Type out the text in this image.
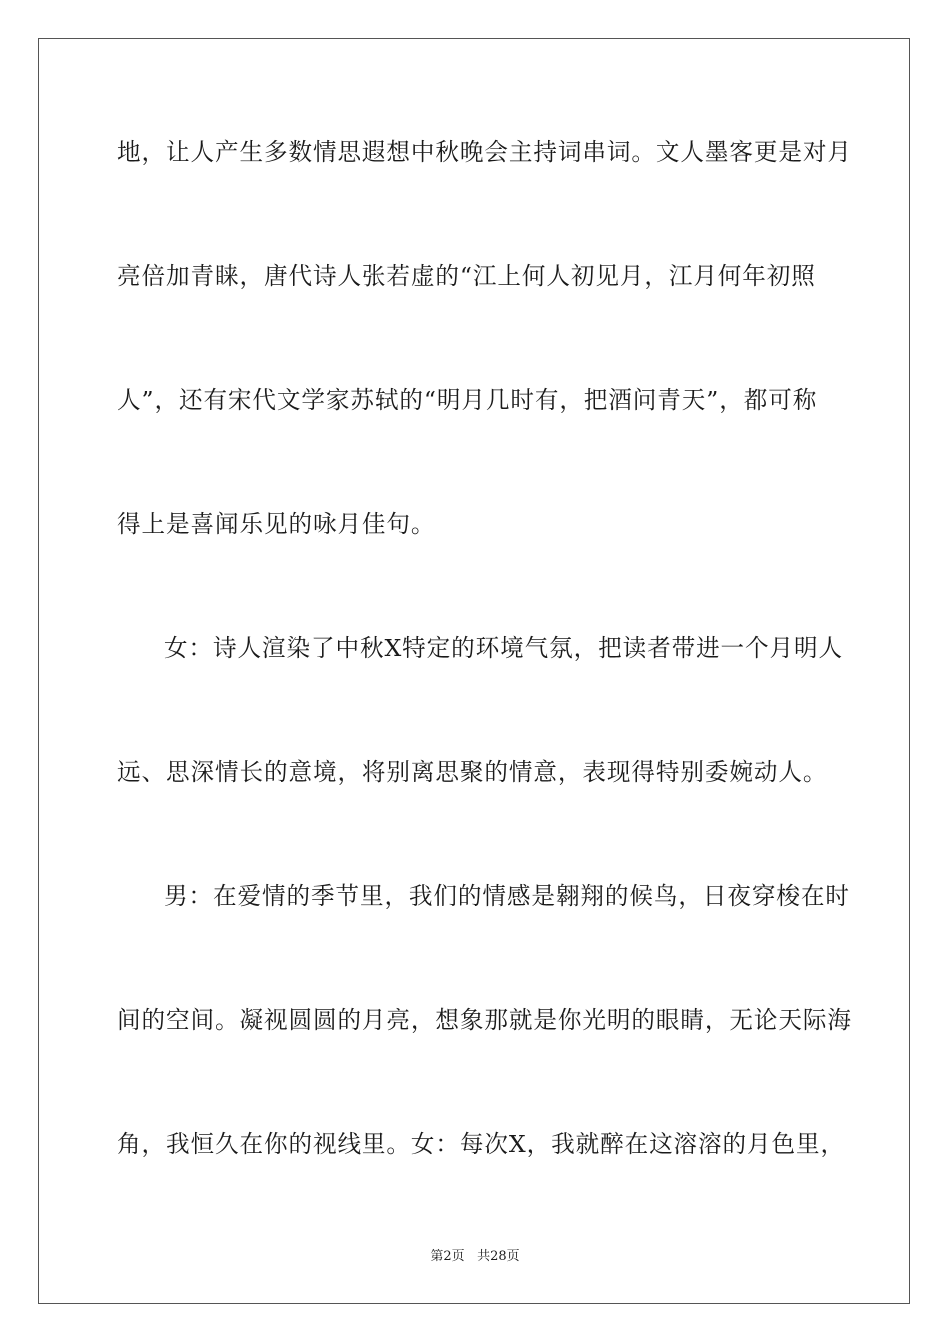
地，让人产生多数情思遐想中秋晚会主持词串词。文人墨客更是对月
亮倍加青睐，唐代诗人张若虚的“江上何人初见月，江月何年初照
人”，还有宋代文学家苏轼的“明月几时有，把酒问青天”，都可称
得上是喜闻乐见的咏月佳句。
女：诗人渲染了中秋X特定的环境气氛，把读者带进一个月明人
远、思深情长的意境，将别离思聚的情意，表现得特别委婉动人。
男：在爱情的季节里，我们的情感是翱翔的候鸟，日夜穿梭在时
间的空间。凝视圆圆的月亮，想象那就是你光明的眼睛，无论天际海
角，我恒久在你的视线里。女：每次X，我就醉在这溶溶的月色里，
第2页 共28页
